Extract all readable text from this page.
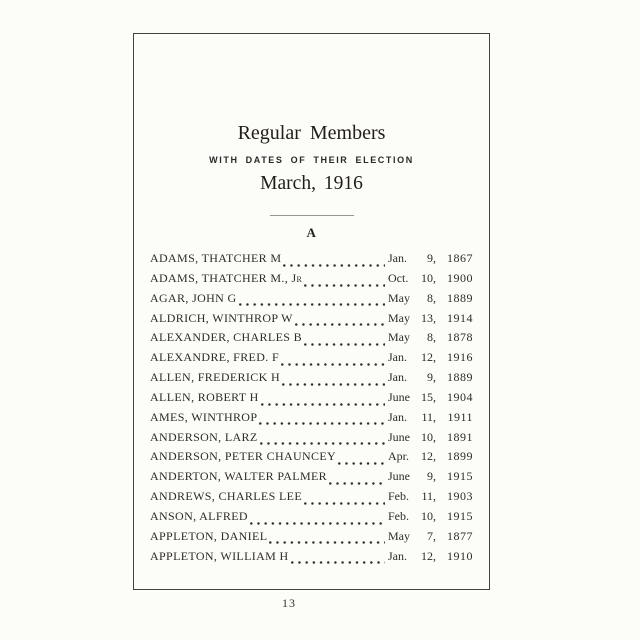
Regular Members
WITH DATES OF THEIR ELECTION
March, 1916
A
ADAMS, THATCHER M	Jan.	9, 1867
ADAMS, THATCHER M., Jr	Oct.	10, 1900
AGAR, JOHN G	May	8, 1889
ALDRICH, WINTHROP W	May 13, 1914
ALEXANDER, CHARLES B	May	8, 1878
ALEXANDRE, FRED. F	Jan.	12, 1916
ALLEN, FREDERICK H	Jan.	9, 1889
ALLEN, ROBERT H	June 15, 1904
AMES, WINTHROP	Jan.	11, 1911
ANDERSON, LARZ	June 10, 1891
ANDERSON, PETER CHAUNCEY	Apr.	12, 1899
ANDERTON, WALTER PALMER	June	9, 1915
ANDREWS, CHARLES LEE	Feb.	11, 1903
ANSON, ALFRED	Feb.	10, 1915
APPLETON, DANIEL	May	7, 1877
APPLETON, WILLIAM H	Jan.	12, 1910
13
